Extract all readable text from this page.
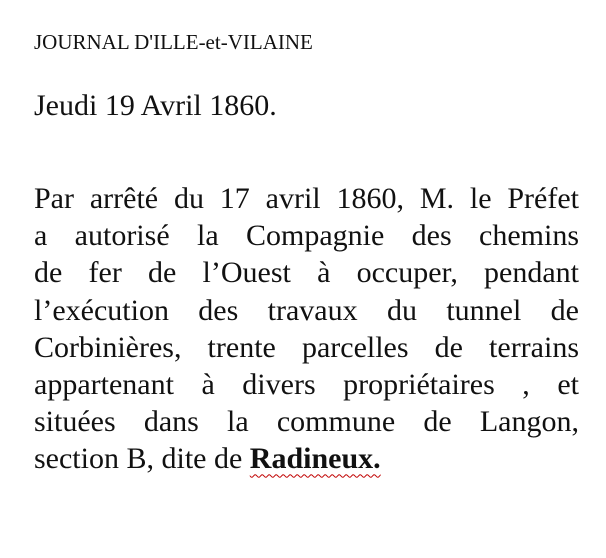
JOURNAL D'ILLE-et-VILAINE
Jeudi 19 Avril 1860.
Par arrêté du 17 avril 1860, M. le Préfet
a autorisé la Compagnie des chemins
de fer de l’Ouest à occuper, pendant
l’exécution des travaux du tunnel de
Corbinières, trente parcelles de terrains
appartenant à divers propriétaires , et
situées dans la commune de Langon,
section B, dite de Radineux.
